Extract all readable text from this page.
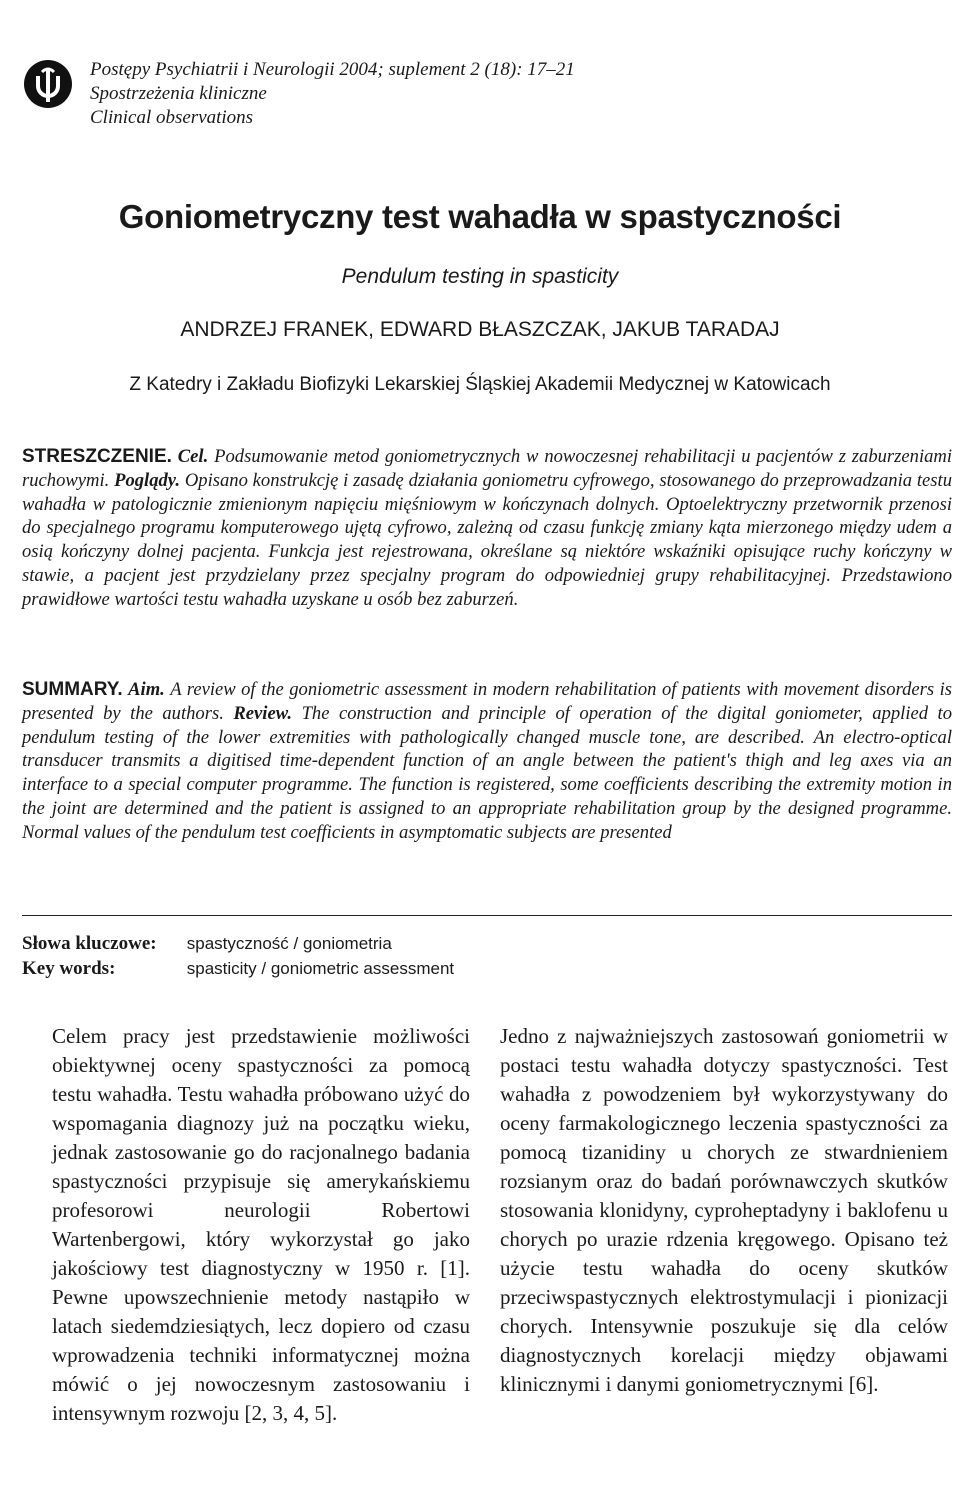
Postępy Psychiatrii i Neurologii 2004; suplement 2 (18): 17–21
Spostrzeżenia kliniczne
Clinical observations
Goniometryczny test wahadła w spastyczności
Pendulum testing in spasticity
ANDRZEJ FRANEK, EDWARD BŁASZCZAK, JAKUB TARADAJ
Z Katedry i Zakładu Biofizyki Lekarskiej Śląskiej Akademii Medycznej w Katowicach
STRESZCZENIE. Cel. Podsumowanie metod goniometrycznych w nowoczesnej rehabilitacji u pacjentów z zaburzeniami ruchowymi. Poglądy. Opisano konstrukcję i zasadę działania goniometru cyfrowego, stosowanego do przeprowadzania testu wahadła w patologicznie zmienionym napięciu mięśniowym w kończynach dolnych. Optoelektryczny przetwornik przenosi do specjalnego programu komputerowego ujętą cyfrowo, zależną od czasu funkcję zmiany kąta mierzonego między udem a osią kończyny dolnej pacjenta. Funkcja jest rejestrowana, określane są niektóre wskaźniki opisujące ruchy kończyny w stawie, a pacjent jest przydzielany przez specjalny program do odpowiedniej grupy rehabilitacyjnej. Przedstawiono prawidłowe wartości testu wahadła uzyskane u osób bez zaburzeń.
SUMMARY. Aim. A review of the goniometric assessment in modern rehabilitation of patients with movement disorders is presented by the authors. Review. The construction and principle of operation of the digital goniometer, applied to pendulum testing of the lower extremities with pathologically changed muscle tone, are described. An electro-optical transducer transmits a digitised time-dependent function of an angle between the patient's thigh and leg axes via an interface to a special computer programme. The function is registered, some coefficients describing the extremity motion in the joint are determined and the patient is assigned to an appropriate rehabilitation group by the designed programme. Normal values of the pendulum test coefficients in asymptomatic subjects are presented
Słowa kluczowe: spastyczność / goniometria
Key words:	spasticity / goniometric assessment

Celem pracy jest przedstawienie możliwości obiektywnej oceny spastyczności za pomocą testu wahadła. Testu wahadła próbowano użyć do wspomagania diagnozy już na początku wieku, jednak zastosowanie go do racjonalnego badania spastyczności przypisuje się amerykańskiemu profesorowi neurologii Robertowi Wartenbergowi, który wykorzystał go jako jakościowy test diagnostyczny w 1950 r. [1]. Pewne upowszechnienie metody nastąpiło w latach siedemdziesiątych, lecz dopiero od czasu wprowadzenia techniki informatycznej można mówić o jej nowoczesnym zastosowaniu i intensywnym rozwoju [2, 3, 4, 5].

Jedno z najważniejszych zastosowań goniometrii w postaci testu wahadła dotyczy spastyczności. Test wahadła z powodzeniem był wykorzystywany do oceny farmakologicznego leczenia spastyczności za pomocą tizanidiny u chorych ze stwardnieniem rozsianym oraz do badań porównawczych skutków stosowania klonidyny, cyproheptadyny i baklofenu u chorych po urazie rdzenia kręgowego. Opisano też użycie testu wahadła do oceny skutków przeciwspastycznych elektrostymulacji i pionizacji chorych. Intensywnie poszukuje się dla celów diagnostycznych korelacji między objawami klinicznymi i danymi goniometrycznymi [6].
